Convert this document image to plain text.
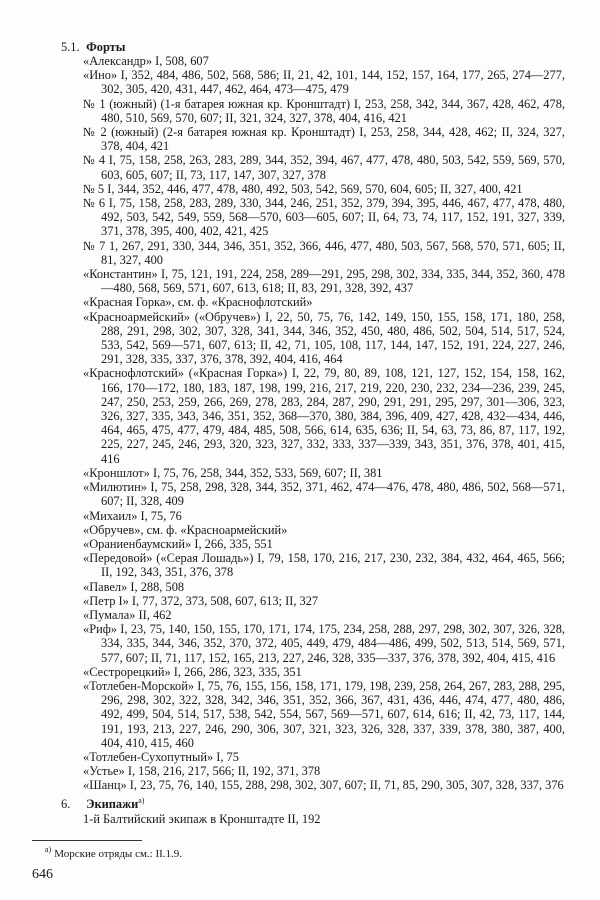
5.1. Форты

«Александр» I, 508, 607

«Ино» I, 352, 484, 486, 502, 568, 586; II, 21, 42, 101, 144, 152, 157, 164, 177, 265, 274—277, 302, 305, 420, 431, 447, 462, 464, 473—475, 479

№ 1 (южный) (1-я батарея южная кр. Кронштадт) I, 253, 258, 342, 344, 367, 428, 462, 478, 480, 510, 569, 570, 607; II, 321, 324, 327, 378, 404, 416, 421

№ 2 (южный) (2-я батарея южная кр. Кронштадт) I, 253, 258, 344, 428, 462; II, 324, 327, 378, 404, 421

№ 4 I, 75, 158, 258, 263, 283, 289, 344, 352, 394, 467, 477, 478, 480, 503, 542, 559, 569, 570, 603, 605, 607; II, 73, 117, 147, 307, 327, 378

№ 5 I, 344, 352, 446, 477, 478, 480, 492, 503, 542, 569, 570, 604, 605; II, 327, 400, 421

№ 6 I, 75, 158, 258, 283, 289, 330, 344, 246, 251, 352, 379, 394, 395, 446, 467, 477, 478, 480, 492, 503, 542, 549, 559, 568—570, 603—605, 607; II, 64, 73, 74, 117, 152, 191, 327, 339, 371, 378, 395, 400, 402, 421, 425

№ 7 1, 267, 291, 330, 344, 346, 351, 352, 366, 446, 477, 480, 503, 567, 568, 570, 571, 605; II, 81, 327, 400

«Константин» I, 75, 121, 191, 224, 258, 289—291, 295, 298, 302, 334, 335, 344, 352, 360, 478—480, 568, 569, 571, 607, 613, 618; II, 83, 291, 328, 392, 437

«Красная Горка», см. ф. «Краснофлотский»

«Красноармейский» («Обручев») I, 22, 50, 75, 76, 142, 149, 150, 155, 158, 171, 180, 258, 288, 291, 298, 302, 307, 328, 341, 344, 346, 352, 450, 480, 486, 502, 504, 514, 517, 524, 533, 542, 569—571, 607, 613; II, 42, 71, 105, 108, 117, 144, 147, 152, 191, 224, 227, 246, 291, 328, 335, 337, 376, 378, 392, 404, 416, 464

«Краснофлотский» («Красная Горка») I, 22, 79, 80, 89, 108, 121, 127, 152, 154, 158, 162, 166, 170—172, 180, 183, 187, 198, 199, 216, 217, 219, 220, 230, 232, 234—236, 239, 245, 247, 250, 253, 259, 266, 269, 278, 283, 284, 287, 290, 291, 291, 295, 297, 301—306, 323, 326, 327, 335, 343, 346, 351, 352, 368—370, 380, 384, 396, 409, 427, 428, 432—434, 446, 464, 465, 475, 477, 479, 484, 485, 508, 566, 614, 635, 636; II, 54, 63, 73, 86, 87, 117, 192, 225, 227, 245, 246, 293, 320, 323, 327, 332, 333, 337—339, 343, 351, 376, 378, 401, 415, 416

«Кроншлот» I, 75, 76, 258, 344, 352, 533, 569, 607; II, 381

«Милютин» I, 75, 258, 298, 328, 344, 352, 371, 462, 474—476, 478, 480, 486, 502, 568—571, 607; II, 328, 409

«Михаил» I, 75, 76

«Обручев», см. ф. «Красноармейский»

«Ораниенбаумский» I, 266, 335, 551

«Передовой» («Серая Лошадь») I, 79, 158, 170, 216, 217, 230, 232, 384, 432, 464, 465, 566; II, 192, 343, 351, 376, 378

«Павел» I, 288, 508

«Петр I» I, 77, 372, 373, 508, 607, 613; II, 327

«Пумала» II, 462

«Риф» I, 23, 75, 140, 150, 155, 170, 171, 174, 175, 234, 258, 288, 297, 298, 302, 307, 326, 328, 334, 335, 344, 346, 352, 370, 372, 405, 449, 479, 484—486, 499, 502, 513, 514, 569, 571, 577, 607; II, 71, 117, 152, 165, 213, 227, 246, 328, 335—337, 376, 378, 392, 404, 415, 416

«Сестрорецкий» I, 266, 286, 323, 335, 351

«Тотлебен-Морской» I, 75, 76, 155, 156, 158, 171, 179, 198, 239, 258, 264, 267, 283, 288, 295, 296, 298, 302, 322, 328, 342, 346, 351, 352, 366, 367, 431, 436, 446, 474, 477, 480, 486, 492, 499, 504, 514, 517, 538, 542, 554, 567, 569—571, 607, 614, 616; II, 42, 73, 117, 144, 191, 193, 213, 227, 246, 290, 306, 307, 321, 323, 326, 328, 337, 339, 378, 380, 387, 400, 404, 410, 415, 460

«Тотлебен-Сухопутный» I, 75

«Устье» I, 158, 216, 217, 566; II, 192, 371, 378

«Шанц» I, 23, 75, 76, 140, 155, 288, 298, 302, 307, 607; II, 71, 85, 290, 305, 307, 328, 337, 376

6. Экипажи$^{а)}$

1-й Балтийский экипаж в Кронштадте II, 192

$^{а)}$ Морские отряды см.: II.1.9.
646
